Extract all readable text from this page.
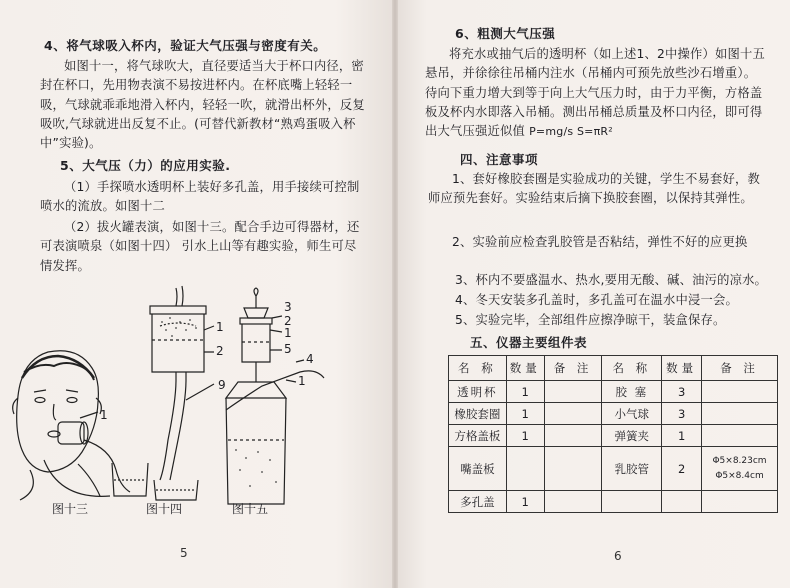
4、将气球吸入杯内，验证大气压强与密度有关。
如图十一，将气球吹大，直径要适当大于杯口内径，密封在杯口，先用物表演不易按进杯内。在杯底嘴上轻轻一吸，气球就乖乖地滑入杯内，轻轻一吹，就滑出杯外，反复吸吹,气球就进出反复不止。(可替代新教材“熟鸡蛋吸入杯中”实验)。
5、大气压（力）的应用实验.
（1）手探喷水透明杯上装好多孔盖，用手接续可控制喷水的流放。如图十二
（2）拔火罐表演，如图十三。配合手边可得器材，还可表演喷泉（如图十四） 引水上山等有趣实验，师生可尽情发挥。
1
1
2
9
3
2
1
5
4
1
图十三	图十四	图十五
5
6、粗测大气压强
将充水或抽气后的透明杯（如上述1、2中操作）如图十五悬吊，并徐徐往吊桶内注水（吊桶内可预先放些沙石增重）。待向下重力增大到等于向上大气压力时，由于力平衡，方格盖板及杯内水即落入吊桶。测出吊桶总质量及杯口内径，即可得出大气压强近似值 P=mg/s S=πR²
四、注意事项
1、套好橡胶套圈是实验成功的关键，学生不易套好，教师应预先套好。实验结束后摘下换胶套圈，以保持其弹性。
2、实验前应检查乳胶管是否粘结，弹性不好的应更换
3、杯内不要盛温水、热水,要用无酸、碱、油污的凉水。
4、冬天安装多孔盖时，多孔盖可在温水中浸一会。
5、实验完毕，全部组件应擦净晾干，装盒保存。
五、仪器主要组件表
名 称	数量	备 注	名 称	数量	备 注
透明杯	1		胶 塞	3	
橡胶套圈	1		小气球	3	
方格盖板	1		弹簧夹	1	
嘴盖板			乳胶管	2	Φ5×8.23cm
Φ5×8.4cm

多孔盖	1				
6
